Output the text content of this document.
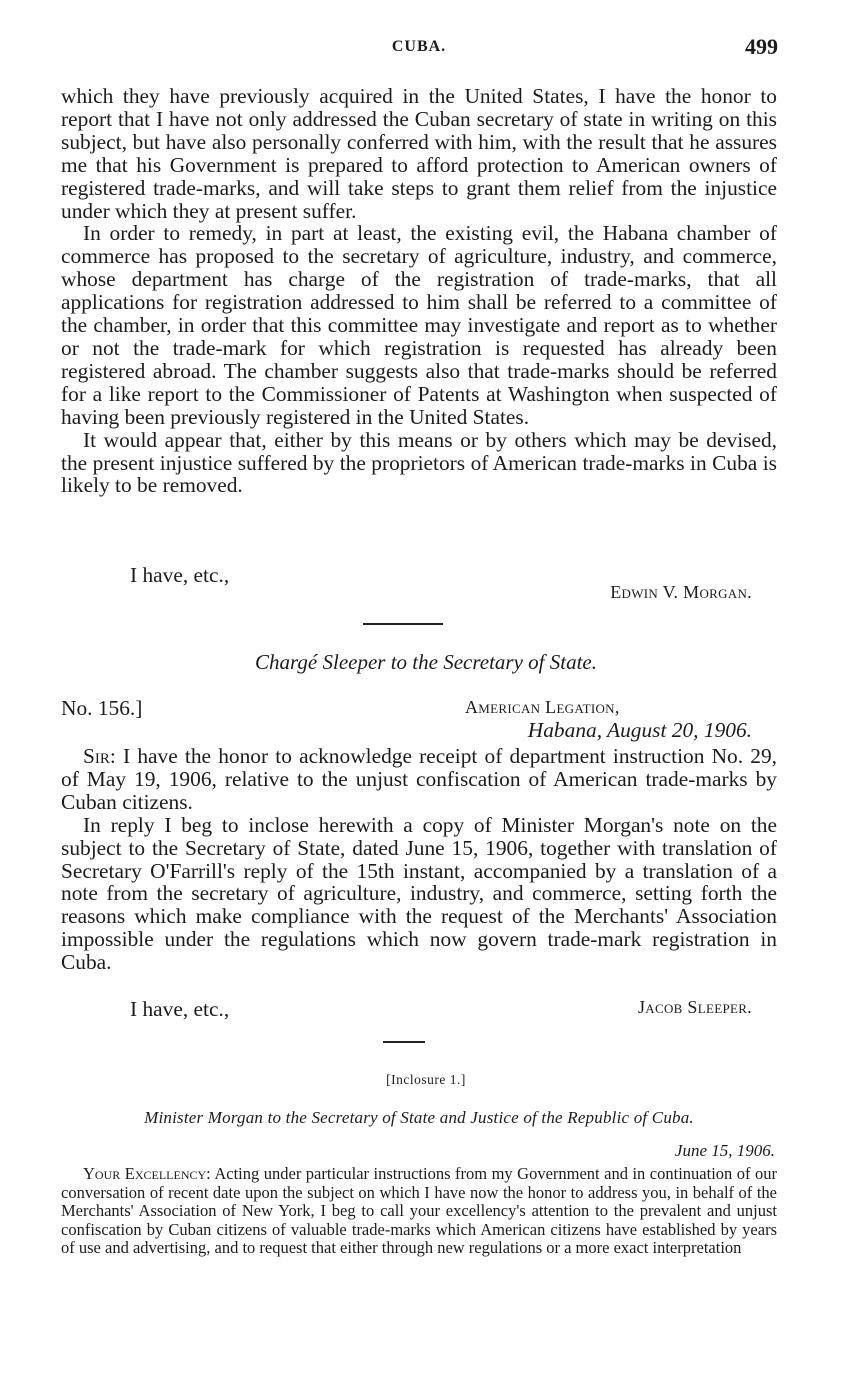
CUBA.	499

which they have previously acquired in the United States, I have the honor to report that I have not only addressed the Cuban secretary of state in writing on this subject, but have also personally conferred with him, with the result that he assures me that his Government is prepared to afford protection to American owners of registered trade-marks, and will take steps to grant them relief from the injustice under which they at present suffer.

In order to remedy, in part at least, the existing evil, the Habana chamber of commerce has proposed to the secretary of agriculture, industry, and commerce, whose department has charge of the registration of trade-marks, that all applications for registration addressed to him shall be referred to a committee of the chamber, in order that this committee may investigate and report as to whether or not the trade-mark for which registration is requested has already been registered abroad. The chamber suggests also that trade-marks should be referred for a like report to the Commissioner of Patents at Washington when suspected of having been previously registered in the United States.

It would appear that, either by this means or by others which may be devised, the present injustice suffered by the proprietors of American trade-marks in Cuba is likely to be removed.

I have, etc.,
Edwin V. Morgan.
Chargé Sleeper to the Secretary of State.
No. 156.]	American Legation,
Habana, August 20, 1906.

Sir: I have the honor to acknowledge receipt of department instruction No. 29, of May 19, 1906, relative to the unjust confiscation of American trade-marks by Cuban citizens.

In reply I beg to inclose herewith a copy of Minister Morgan's note on the subject to the Secretary of State, dated June 15, 1906, together with translation of Secretary O'Farrill's reply of the 15th instant, accompanied by a translation of a note from the secretary of agriculture, industry, and commerce, setting forth the reasons which make compliance with the request of the Merchants' Association impossible under the regulations which now govern trade-mark registration in Cuba.

I have, etc.,	Jacob Sleeper.
[Inclosure 1.]
Minister Morgan to the Secretary of State and Justice of the Republic of Cuba.
June 15, 1906.

Your Excellency: Acting under particular instructions from my Government and in continuation of our conversation of recent date upon the subject on which I have now the honor to address you, in behalf of the Merchants' Association of New York, I beg to call your excellency's attention to the prevalent and unjust confiscation by Cuban citizens of valuable trade-marks which American citizens have established by years of use and advertising, and to request that either through new regulations or a more exact interpretation
